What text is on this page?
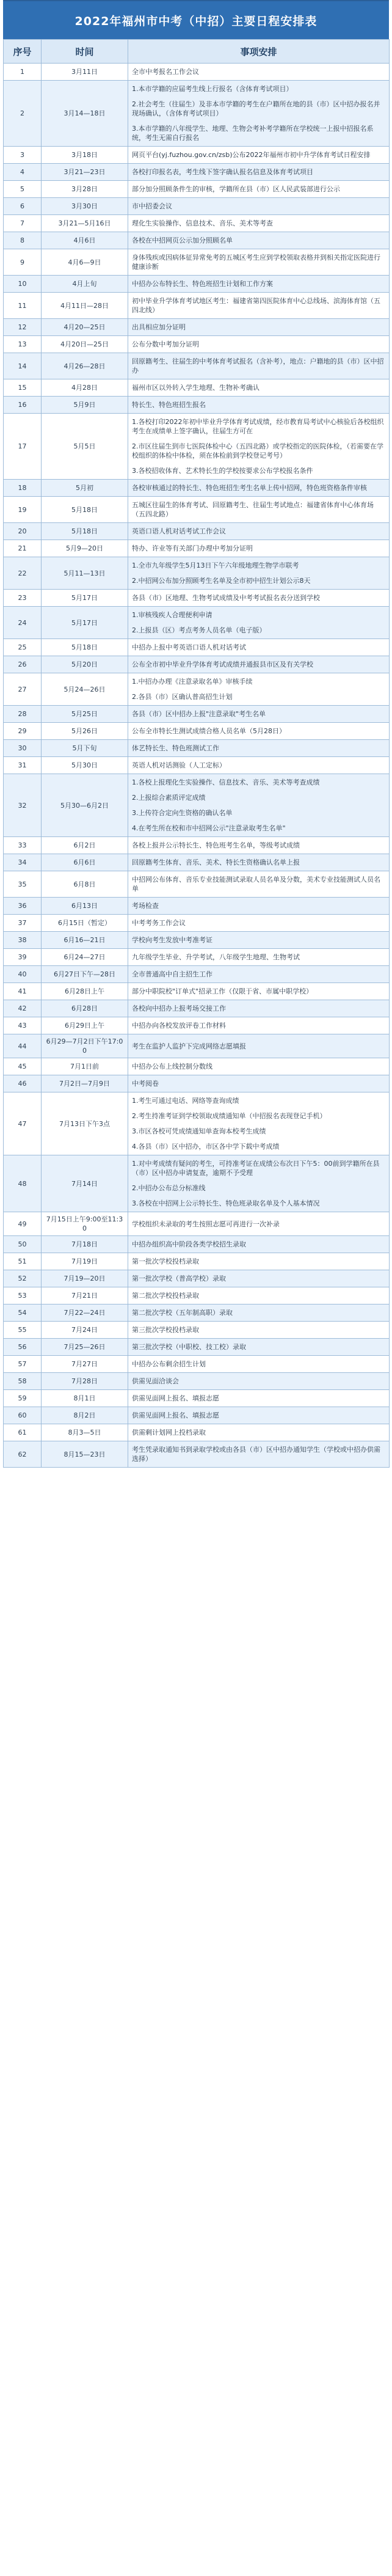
2022年福州市中考（中招）主要日程安排表
序号	时间	事项安排
1	3月11日	全市中考报名工作会议

2	3月14—18日	1.本市学籍的应届考生线上行报名（含体育考试项目）
2.社会考生（往届生）及非本市学籍的考生在户籍所在地的县（市）区中招办报名并现场确认，（含体育考试项目）
3.本市学籍的八年级学生、地理、生物会考补考学籍所在学校统一上报中招报名系统，考生无需自行报名

3	3月18日	网页平台(yj.fuzhou.gov.cn/zsb)公布2022年福州市初中升学体育考试日程安排

4	3月21—23日	各校打印报名表，考生线下签字确认报名信息及体育考试项目

5	3月28日	部分加分照顾条件生的审核，学籍所在县（市）区人民武装部进行公示

6	3月30日	市中招委会议

7	3月21—5月16日	理化生实验操作、信息技术、音乐、美术等考查

8	4月6日	各校在中招网页公示加分照顾名单

9	4月6—9日	身体残疾或因病体征异常免考的五城区考生应到学校领取表格并到相关指定医院进行健康诊断

10	4月上旬	中招办公布特长生、特色班招生计划和工作方案

11	4月11日—28日	初中毕业升学体育考试地区考生：福建省第四医院体育中心总线场、滨海体育馆（五四北线）

12	4月20—25日	出具相应加分证明

13	4月20日—25日	公布分数中考加分证明

14	4月26—28日	回原籍考生、往届生的中考体育考试报名（含补考），地点：户籍地的县（市）区中招办

15	4月28日	福州市区以外转入学生地理、生物补考确认

16	5月9日	特长生、特色班招生报名

17	5月5日	1.各校打印2022年初中毕业升学体育考试成绩，经市教育局考试中心核验后各校组织考生在成绩单上签字确认，往届生方可在
2.市区往届生到市七医院体检中心（五四北路）或学校指定的医院体检，（若需要在学校组织的体检中体检，须在体检前到学校登记考号）
3.各校招收体育、艺术特长生的学校按要求公布学校报名条件

18	5月初	各校审核通过的特长生、特色班招生考生名单上传中招网，特色班资格条件审核

19	5月18日	五城区往届生的体育考试、回原籍考生、往届生考试地点：福建省体育中心体育场（五四北路）

20	5月18日	英语口语人机对话考试工作会议

21	5月9—20日	特办、许业等有关部门办理中考加分证明

22	5月11—13日	1.全市九年级学生5月13日下午六年级地理生物学市联考
2.中招网公布加分照顾考生名单及全市初中招生计划公示8天

23	5月17日	各县（市）区地理、生物考试成绩及中考考试报名表分送到学校

24	5月17日	1.审核残疾人合理便利申请
2.上报县（区）考点考务人员名单（电子版）

25	5月18日	中招办上报中考英语口语人机对话考试

26	5月20日	公布全市初中毕业升学体育考试成绩并通报县市区及有关学校

27	5月24—26日	1.中招办办理《注意录取名单》审核手续
2.各县（市）区确认普高招生计划

28	5月25日	各县（市）区中招办上报"注意录取"考生名单

29	5月26日	公布全市特长生测试成绩合格人员名单（5月28日）

30	5月下旬	体艺特长生、特色班测试工作

31	5月30日	英语人机对话测验（人工定标）

32	5月30—6月2日	1.各校上报理化生实验操作、信息技术、音乐、美术等考查成绩
2.上报综合素质评定成绩
3.上传符合定向生资格的确认名单
4.在考生所在校和市中招网公示"注意录取考生名单"

33	6月2日	各校上报并公示特长生、特色班考生名单，等级考试成绩

34	6月6日	回原籍考生体育、音乐、美术、特长生资格确认名单上报

35	6月8日	中招网公布体育、音乐专业技能测试录取人员名单及分数，美术专业技能测试人员名单

36	6月13日	考场检查

37	6月15日（暂定）	中考考务工作会议

38	6月16—21日	学校向考生发放中考准考证

39	6月24—27日	九年级学生毕业、升学考试，八年级学生地理、生物考试

40	6月27日下午—28日	全市普通高中自主招生工作

41	6月28日上午	部分中职院校"订单式"招录工作（仅限于省、市属中职学校）

42	6月28日	各校向中招办上报考场交接工作

43	6月29日上午	中招办向各校发放评卷工作材料

44	6月29—7月2日下午17:00	考生在监护人监护下完成网络志愿填报

45	7月1日前	中招办公布上线控制分数线

46	7月2日—7月9日	中考阅卷

47	7月13日下午3点	1.考生可通过电话、网络等查询成绩
2.考生持准考证到学校领取成绩通知单（中招报名表现登记手机）
3.市区各校可凭成绩通知单查询本校考生成绩
4.各县（市）区中招办，市区各中学下载中考成绩

48	7月14日	1.对中考成绩有疑问的考生，可持准考证在成绩公布次日下午5：00前到学籍所在县（市）区中招办申请复查，逾期不予受理
2.中招办公布总分标准线
3.各校在中招网上公示特长生、特色班录取名单及个人基本情况

49	7月15日上午9:00至11:30	学校组织未录取的考生按照志愿可再进行一次补录

50	7月18日	中招办组织高中阶段各类学校招生录取

51	7月19日	第一批次学校投档录取

52	7月19—20日	第一批次学校（普高学校）录取

53	7月21日	第二批次学校投档录取

54	7月22—24日	第二批次学校（五年制高职）录取

55	7月24日	第三批次学校投档录取

56	7月25—26日	第三批次学校（中职校、技工校）录取

57	7月27日	中招办公布剩余招生计划

58	7月28日	供需见面洽谈会

59	8月1日	供需见面网上报名、填报志愿

60	8月2日	供需见面网上报名、填报志愿

61	8月3—5日	供需剩计划网上投档录取

62	8月15—23日	考生凭录取通知书到录取学校或由各县（市）区中招办通知学生（学校或中招办供需选择）
